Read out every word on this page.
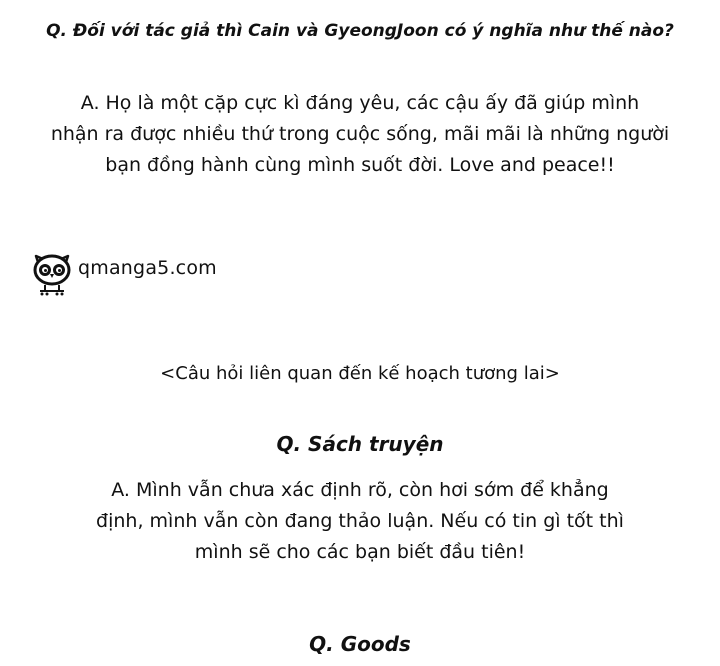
Q. Đối với tác giả thì Cain và GyeongJoon có ý nghĩa như thế nào?
A. Họ là một cặp cực kì đáng yêu, các cậu ấy đã giúp mình
nhận ra được nhiều thứ trong cuộc sống, mãi mãi là những người
bạn đồng hành cùng mình suốt đời. Love and peace!!
qmanga5.com
<Câu hỏi liên quan đến kế hoạch tương lai>
Q. Sách truyện
A. Mình vẫn chưa xác định rõ, còn hơi sớm để khẳng
định, mình vẫn còn đang thảo luận. Nếu có tin gì tốt thì
mình sẽ cho các bạn biết đầu tiên!
Q. Goods
